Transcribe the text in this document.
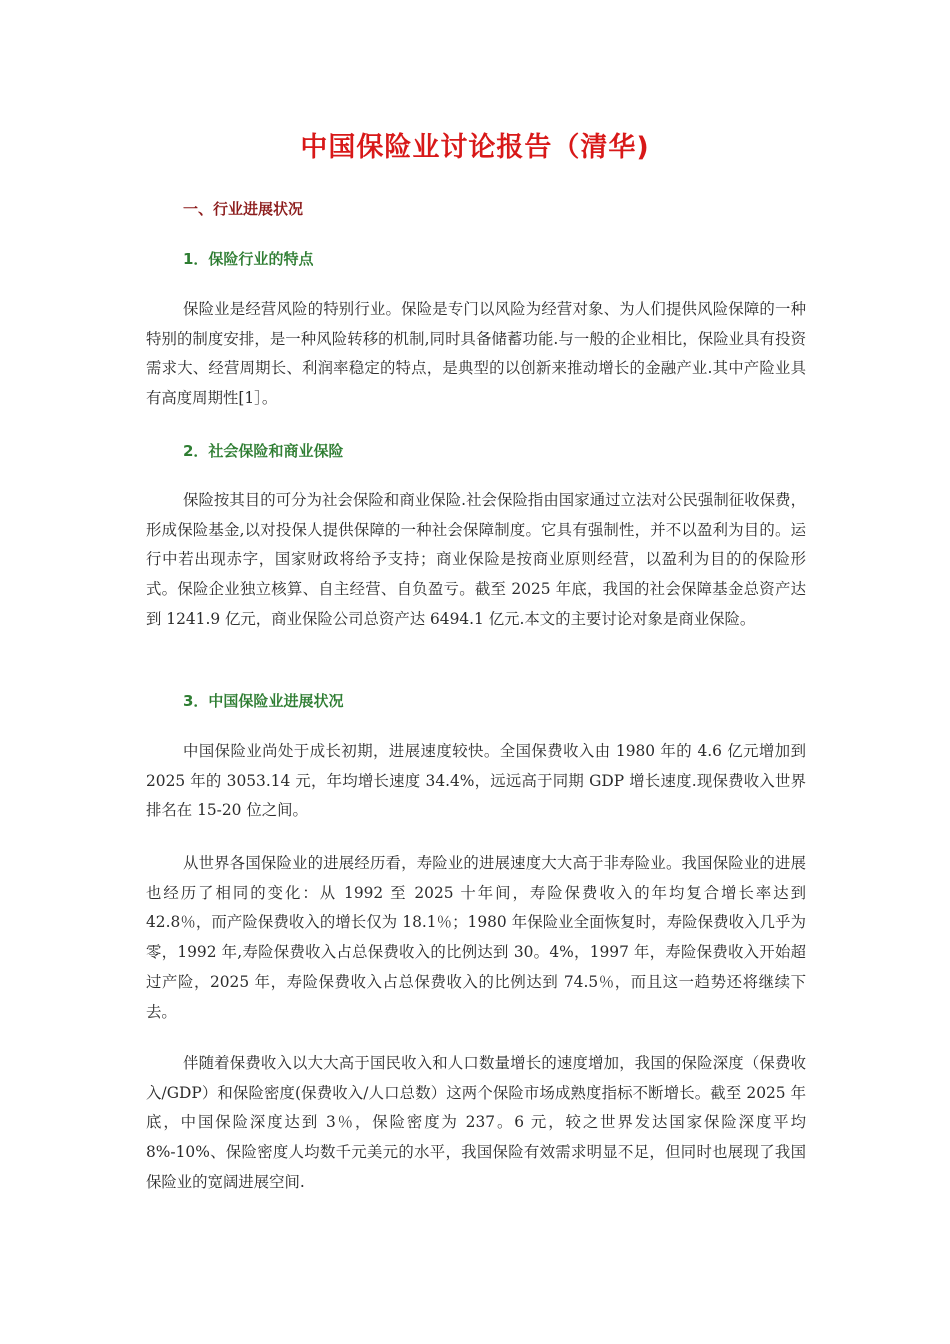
中国保险业讨论报告（清华)
一、行业进展状况
1．保险行业的特点

保险业是经营风险的特别行业。保险是专门以风险为经营对象、为人们提供风险保障的一种特别的制度安排，是一种风险转移的机制,同时具备储蓄功能.与一般的企业相比，保险业具有投资需求大、经营周期长、利润率稳定的特点，是典型的以创新来推动增长的金融产业.其中产险业具有高度周期性[1］。

2．社会保险和商业保险

保险按其目的可分为社会保险和商业保险.社会保险指由国家通过立法对公民强制征收保费，形成保险基金,以对投保人提供保障的一种社会保障制度。它具有强制性，并不以盈利为目的。运行中若出现赤字，国家财政将给予支持；商业保险是按商业原则经营，以盈利为目的的保险形式。保险企业独立核算、自主经营、自负盈亏。截至 2025 年底，我国的社会保障基金总资产达到 1241.9 亿元，商业保险公司总资产达 6494.1 亿元.本文的主要讨论对象是商业保险。

3．中国保险业进展状况

中国保险业尚处于成长初期，进展速度较快。全国保费收入由 1980 年的 4.6 亿元增加到 2025 年的 3053.14 元，年均增长速度 34.4%，远远高于同期 GDP 增长速度.现保费收入世界排名在 15-20 位之间。

从世界各国保险业的进展经历看，寿险业的进展速度大大高于非寿险业。我国保险业的进展也经历了相同的变化：从 1992 至 2025 十年间，寿险保费收入的年均复合增长率达到 42.8％，而产险保费收入的增长仅为 18.1％；1980 年保险业全面恢复时，寿险保费收入几乎为零，1992 年,寿险保费收入占总保费收入的比例达到 30。4%，1997 年，寿险保费收入开始超过产险，2025 年，寿险保费收入占总保费收入的比例达到 74.5％，而且这一趋势还将继续下去。

伴随着保费收入以大大高于国民收入和人口数量增长的速度增加，我国的保险深度（保费收入/GDP）和保险密度(保费收入/人口总数）这两个保险市场成熟度指标不断增长。截至 2025 年底，中国保险深度达到 3％，保险密度为 237。6 元，较之世界发达国家保险深度平均 8%-10%、保险密度人均数千元美元的水平，我国保险有效需求明显不足，但同时也展现了我国保险业的宽阔进展空间.
